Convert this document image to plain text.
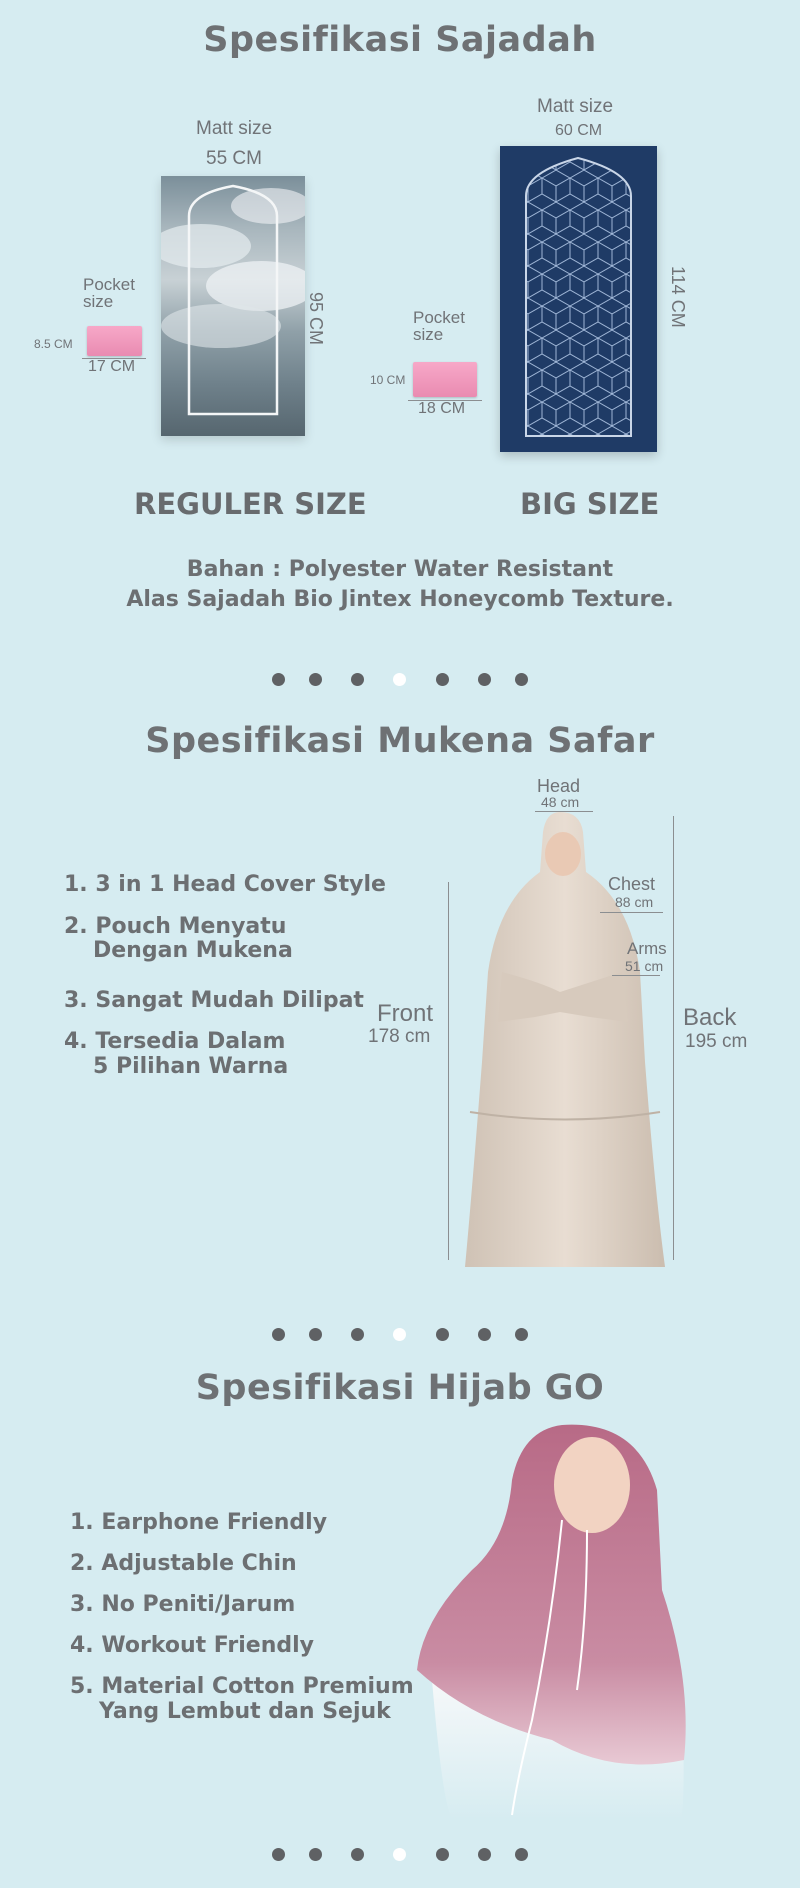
Spesifikasi Sajadah
Matt size
55 CM
95 CM
Pocket
size
8.5 CM
17 CM
REGULER SIZE
Matt size
60 CM
114 CM
Pocket
size
10 CM
18 CM
BIG SIZE
Bahan : Polyester Water Resistant
Alas Sajadah Bio Jintex Honeycomb Texture.
Spesifikasi Mukena Safar
1. 3 in 1 Head Cover Style
2. Pouch Menyatu
Dengan Mukena
3. Sangat Mudah Dilipat
4. Tersedia Dalam
5 Pilihan Warna
Head
48 cm
Chest
88 cm
Arms
51 cm
Front
178 cm
Back
195 cm
Spesifikasi Hijab GO
1. Earphone Friendly
2. Adjustable Chin
3. No Peniti/Jarum
4. Workout Friendly
5. Material Cotton Premium
Yang Lembut dan Sejuk
